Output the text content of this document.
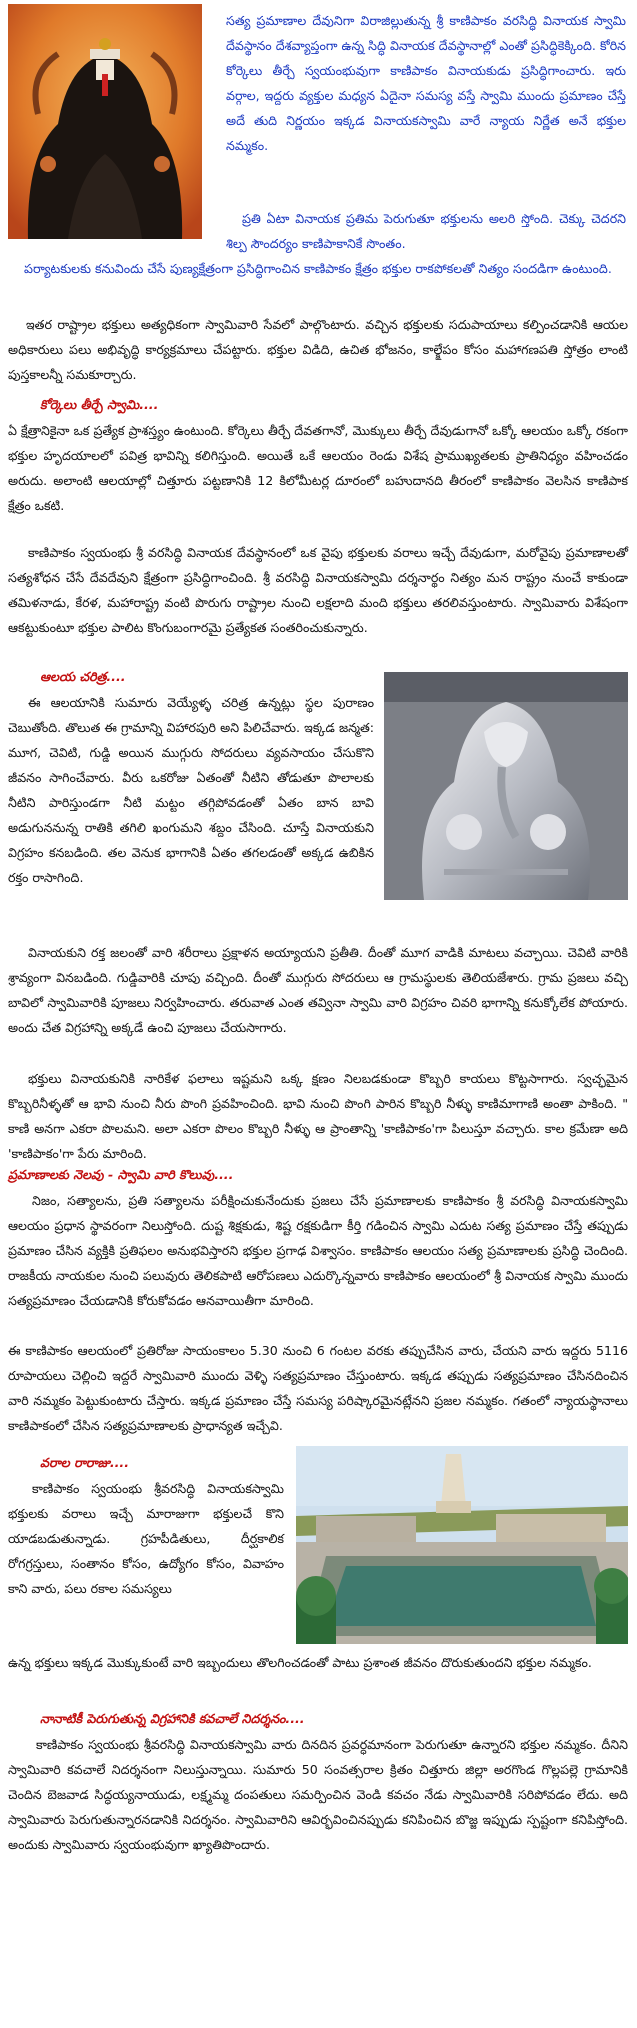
సత్య ప్రమాణాల దేవునిగా విరాజిల్లుతున్న శ్రీ కాణిపాకం వరసిద్ధి వినాయక స్వామి దేవస్థానం దేశవ్యాప్తంగా ఉన్న సిద్ధి వినాయక దేవస్థానాల్లో ఎంతో ప్రసిద్ధికెక్కింది. కోరిన కోర్కెలు తీర్చే స్వయంభువుగా కాణిపాకం వినాయకుడు ప్రసిద్ధిగాంచారు. ఇరు వర్గాల, ఇద్దరు వ్యక్తుల మధ్యన ఏదైనా సమస్య వస్తే స్వామి ముందు ప్రమాణం చేస్తే అదే తుది నిర్ణయం ఇక్కడ వినాయకస్వామి వారే న్యాయ నిర్ణేత అనే భక్తుల నమ్మకం.

ప్రతి ఏటా వినాయక ప్రతిమ పెరుగుతూ భక్తులను అలరి స్తోంది. చెక్కు చెదరని శిల్ప సౌందర్యం కాణిపాకానికే సొంతం.

పర్యాటకులకు కనువిందు చేసే పుణ్యక్షేత్రంగా ప్రసిద్ధిగాంచిన కాణిపాకం క్షేత్రం భక్తుల రాకపోకలతో నిత్యం సందడిగా ఉంటుంది.

ఇతర రాష్ట్రాల భక్తులు అత్యధికంగా స్వామివారి సేవలో పాల్గొంటారు. వచ్చిన భక్తులకు సదుపాయాలు కల్పించడానికి ఆయల అధికారులు పలు అభివృద్ధి కార్యక్రమాలు చేపట్టారు. భక్తుల విడిది, ఉచిత భోజనం, కాల్క్షేపం కోసం మహాగణపతి స్తోత్రం లాంటి పుస్తకాలన్నీ సమకూర్చారు.

కోర్కెలు తీర్చే స్వామి....

ఏ క్షేత్రానికైనా ఒక ప్రత్యేక ప్రాశస్త్యం ఉంటుంది. కోర్కెలు తీర్చే దేవతగానో, మొక్కులు తీర్చే దేవుడుగానో ఒక్కో ఆలయం ఒక్కో రకంగా భక్తుల హృదయాలలో పవిత్ర భావిన్ని కలిగిస్తుంది. అయితే ఒకే ఆలయం రెండు విశేష ప్రాముఖ్యతలకు ప్రాతినిధ్యం వహించడం అరుదు. అలాంటి ఆలయాల్లో చిత్తూరు పట్టణానికి 12 కిలోమీటర్ల దూరంలో బహుదానది తీరంలో కాణిపాకం వెలసిన కాణిపాక క్షేత్రం ఒకటి.

కాణిపాకం స్వయంభు శ్రీ వరసిద్ధి వినాయక దేవస్థానంలో ఒక వైపు భక్తులకు వరాలు ఇచ్చే దేవుడుగా, మరోవైపు ప్రమాణాలతో సత్యశోధన చేసే దేవదేవుని క్షేత్రంగా ప్రసిద్ధిగాంచింది. శ్రీ వరసిద్ధి వినాయకస్వామి దర్శనార్థం నిత్యం మన రాష్ట్రం నుంచే కాకుండా తమిళనాడు, కేరళ, మహారాష్ట్ర వంటి పొరుగు రాష్ట్రాల నుంచి లక్షలాది మంది భక్తులు తరలివస్తుంటారు. స్వామివారు విశేషంగా ఆకట్టుకుంటూ భక్తుల పాలిట కొంగుబంగారమై ప్రత్యేకత సంతరించుకున్నారు.

ఆలయ చరిత్ర....

ఈ ఆలయానికి సుమారు వెయ్యేళ్ళ చరిత్ర ఉన్నట్లు స్థల పురాణం చెబుతోంది. తొలుత ఈ గ్రామాన్ని విహారపురి అని పిలిచేవారు. ఇక్కడ జన్మత: మూగ, చెవిటి, గుడ్డి అయిన ముగ్గురు సోదరులు వ్యవసాయం చేసుకొని జీవనం సాగించేవారు. వీరు ఒకరోజు ఏతంతో నీటిని తోడుతూ పొలాలకు నీటిని పారిస్తుండగా నీటి మట్టం తగ్గిపోవడంతో ఏతం బాన బావి అడుగుననున్న రాతికి తగిలి ఖంగుమని శబ్దం చేసింది. చూస్తే వినాయకుని విగ్రహం కనబడింది. తల వెనుక భాగానికి ఏతం తగలడంతో అక్కడ ఉబికిన రక్తం రాసాగింది.

వినాయకుని రక్త జలంతో వారి శరీరాలు ప్రక్షాళన అయ్యాయని ప్రతీతి. దీంతో మూగ వాడికి మాటలు వచ్చాయి. చెవిటి వారికి శ్రావ్యంగా వినబడింది. గుడ్డివారికి చూపు వచ్చింది. దీంతో ముగ్గురు సోదరులు ఆ గ్రామస్థులకు తెలియజేశారు. గ్రామ ప్రజలు వచ్చి బావిలో స్వామివారికి పూజలు నిర్వహించారు. తరువాత ఎంత తవ్వినా స్వామి వారి విగ్రహం చివరి భాగాన్ని కనుక్కోలేక పోయారు. అందు చేత విగ్రహాన్ని అక్కడే ఉంచి పూజలు చేయసాగారు.

భక్తులు వినాయకునికి నారికేళ ఫలాలు ఇష్టమని ఒక్క క్షణం నిలబడకుండా కొబ్బరి కాయలు కొట్టసాగారు. స్వచ్ఛమైన కొబ్బరినీళ్ళతో ఆ భావి నుంచి నీరు పొంగి ప్రవహించింది. భావి నుంచి పొంగి పారిన కొబ్బరి నీళ్ళు కాణిమాగాణి అంతా పాకింది. " కాణి అనగా ఎకరా పొలమని. అలా ఎకరా పొలం కొబ్బరి నీళ్ళు ఆ ప్రాంతాన్ని 'కాణిపాకం'గా పిలుస్తూ వచ్చారు. కాల క్రమేణా అది 'కాణిపాకం'గా పేరు మారింది.

ప్రమాణాలకు నెలవు - స్వామి వారి కొలువు....

నిజం, సత్యాలను, ప్రతి సత్యాలను పరీక్షించుకునేందుకు ప్రజలు చేసే ప్రమాణాలకు కాణిపాకం శ్రీ వరసిద్ధి వినాయకస్వామి ఆలయం ప్రధాన స్థావరంగా నిలుస్తోంది. దుష్ట శిక్షకుడు, శిష్ట రక్షకుడిగా కీర్తి గడించిన స్వామి ఎదుట సత్య ప్రమాణం చేస్తే తప్పుడు ప్రమాణం చేసిన వ్యక్తికి ప్రతిఫలం అనుభవిస్తారని భక్తుల ప్రగాఢ విశ్వాసం. కాణిపాకం ఆలయం సత్య ప్రమాణాలకు ప్రసిద్ధి చెందింది. రాజకీయ నాయకుల నుంచి పలువురు తెలికపాటి ఆరోపణలు ఎదుర్కొన్నవారు కాణిపాకం ఆలయంలో శ్రీ వినాయక స్వామి ముందు సత్యప్రమాణం చేయడానికి కోరుకోవడం ఆనవాయితీగా మారింది.

ఈ కాణిపాకం ఆలయంలో ప్రతిరోజు సాయంకాలం 5.30 నుంచి 6 గంటల వరకు తప్పుచేసిన వారు, చేయని వారు ఇద్దరు 5116 రూపాయలు చెల్లించి ఇద్దరే స్వామివారి ముందు వెళ్ళి సత్యప్రమాణం చేస్తుంటారు. ఇక్కడ తప్పుడు సత్యప్రమాణం చేసినదించిన వారి నమ్మకం పెట్టుకుంటారు చేస్తారు. ఇక్కడ ప్రమాణం చేస్తే సమస్య పరిష్కారమైనట్లేనని ప్రజల నమ్మకం. గతంలో న్యాయస్థానాలు కాణిపాకంలో చేసిన సత్యప్రమాణాలకు ప్రాధాన్యత ఇచ్చేవి.

వరాల రారాజు....

కాణిపాకం స్వయంభు శ్రీవరసిద్ధి వినాయకస్వామి భక్తులకు వరాలు ఇచ్చే మారాజుగా భక్తులచే కొని యాడబడుతున్నాడు. గ్రహపీడితులు, దీర్ఘకాలిక రోగగ్రస్తులు, సంతానం కోసం, ఉద్యోగం కోసం, వివాహం కాని వారు, పలు రకాల సమస్యలు

ఉన్న భక్తులు ఇక్కడ మొక్కుకుంటే వారి ఇబ్బందులు తొలగించడంతో పాటు ప్రశాంత జీవనం దొరుకుతుందని భక్తుల నమ్మకం.

నానాటికీ పెరుగుతున్న విగ్రహానికి కవచాలే నిదర్శనం....

కాణిపాకం స్వయంభు శ్రీవరసిద్ధి వినాయకస్వామి వారు దినదిన ప్రవర్ధమానంగా పెరుగుతూ ఉన్నారని భక్తుల నమ్మకం. దీనిని స్వామివారి కవచాలే నిదర్శనంగా నిలుస్తున్నాయి. సుమారు 50 సంవత్సరాల క్రితం చిత్తూరు జిల్లా అరగొండ గొల్లపల్లె గ్రామానికి చెందిన బెజవాడ సిద్ధయ్యనాయుడు, లక్ష్మమ్మ దంపతులు సమర్పించిన వెండి కవచం నేడు స్వామివారికి సరిపోవడం లేదు. అది స్వామివారు పెరుగుతున్నారనడానికి నిదర్శనం. స్వామివారిని ఆవిర్భవించినప్పుడు కనిపించిన బొజ్జ ఇప్పుడు స్పష్టంగా కనిపిస్తోంది. అందుకు స్వామివారు స్వయంభువుగా ఖ్యాతిపొందారు.
